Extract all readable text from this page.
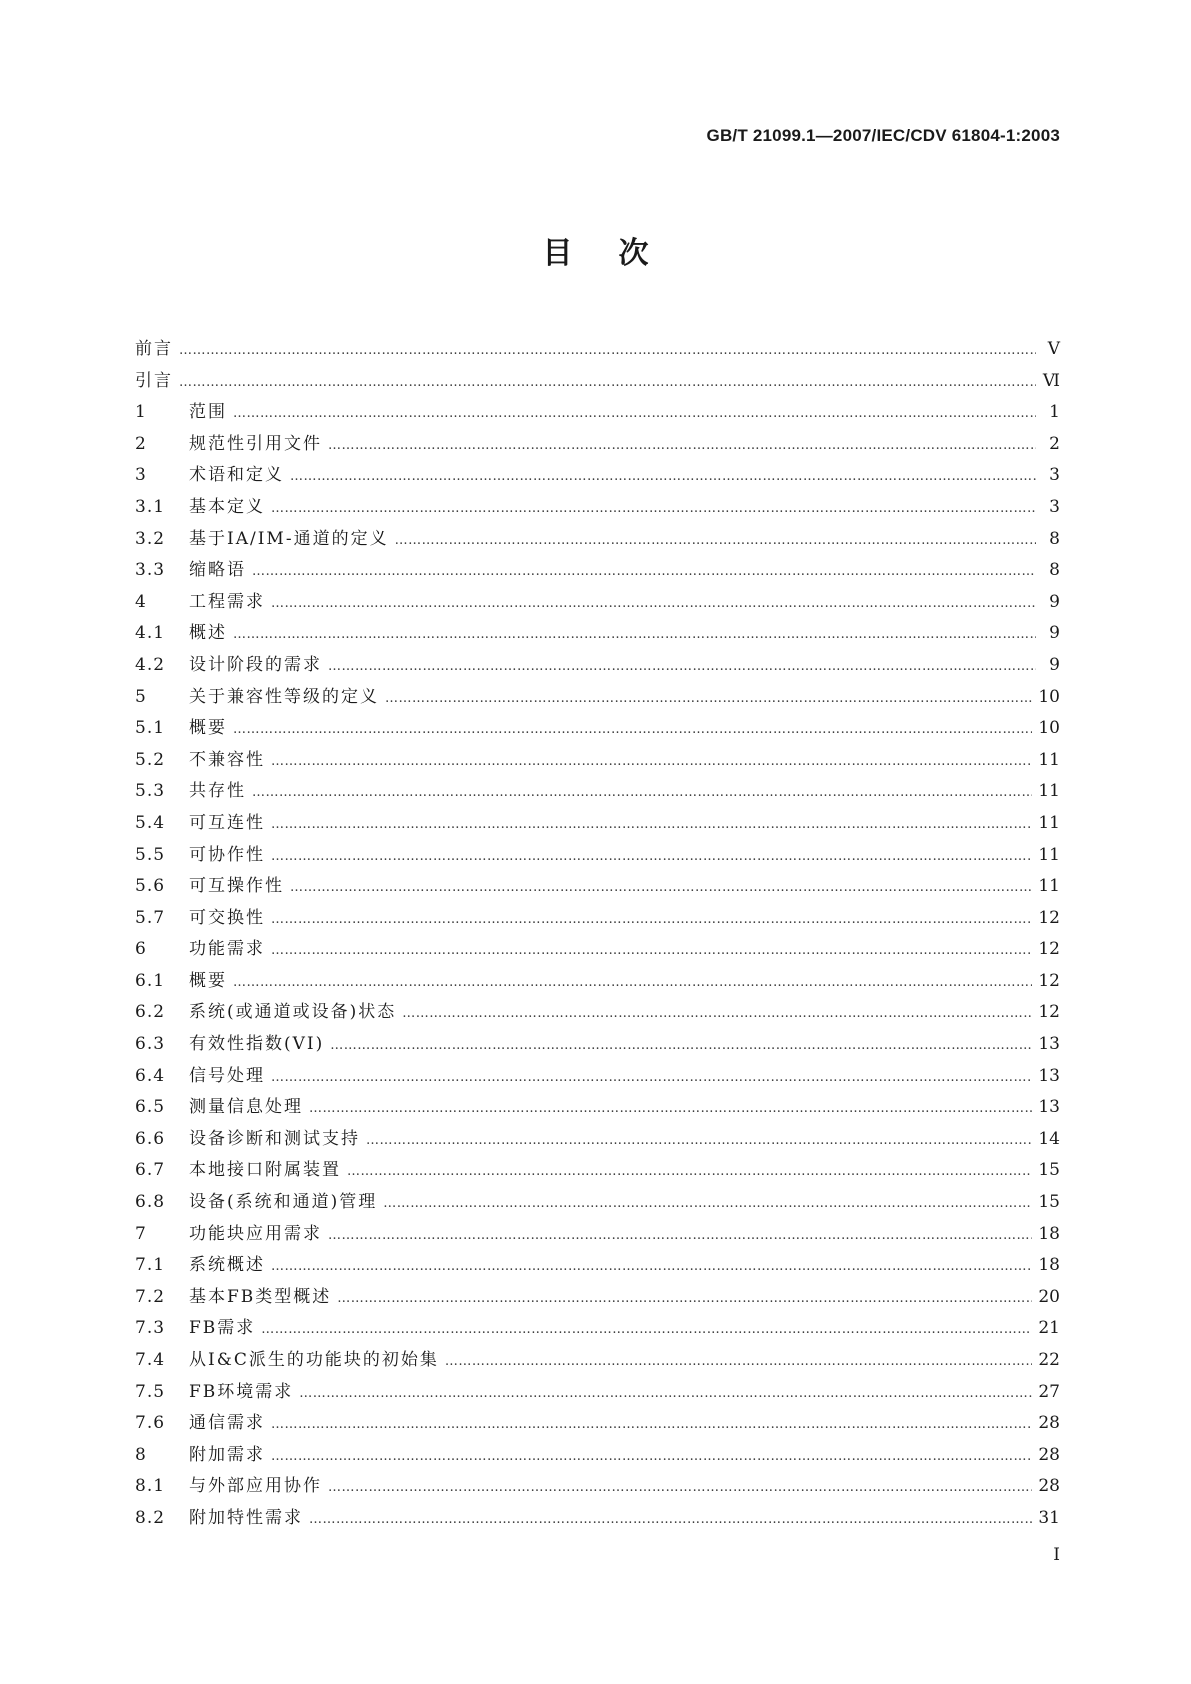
GB/T 21099.1—2007/IEC/CDV 61804-1:2003
目次
前言 …………………………………………………………………………………………………………………………………………………………………………………………	V
引言 …………………………………………………………………………………………………………………………………………………………………………………………	Ⅵ
1	范围 …………………………………………………………………………………………………………………………………………………………………………………………	1
2	规范性引用文件 …………………………………………………………………………………………………………………………………………………………………………………………	2
3	术语和定义 …………………………………………………………………………………………………………………………………………………………………………………………	3
3.1	基本定义 …………………………………………………………………………………………………………………………………………………………………………………………	3
3.2	基于IA/IM-通道的定义 …………………………………………………………………………………………………………………………………………………………………………………………	8
3.3	缩略语 …………………………………………………………………………………………………………………………………………………………………………………………	8
4	工程需求 …………………………………………………………………………………………………………………………………………………………………………………………	9
4.1	概述 …………………………………………………………………………………………………………………………………………………………………………………………	9
4.2	设计阶段的需求 …………………………………………………………………………………………………………………………………………………………………………………………	9
5	关于兼容性等级的定义 …………………………………………………………………………………………………………………………………………………………………………………………	10
5.1	概要 …………………………………………………………………………………………………………………………………………………………………………………………	10
5.2	不兼容性 …………………………………………………………………………………………………………………………………………………………………………………………	11
5.3	共存性 …………………………………………………………………………………………………………………………………………………………………………………………	11
5.4	可互连性 …………………………………………………………………………………………………………………………………………………………………………………………	11
5.5	可协作性 …………………………………………………………………………………………………………………………………………………………………………………………	11
5.6	可互操作性 …………………………………………………………………………………………………………………………………………………………………………………………	11
5.7	可交换性 …………………………………………………………………………………………………………………………………………………………………………………………	12
6	功能需求 …………………………………………………………………………………………………………………………………………………………………………………………	12
6.1	概要 …………………………………………………………………………………………………………………………………………………………………………………………	12
6.2	系统(或通道或设备)状态 …………………………………………………………………………………………………………………………………………………………………………………………	12
6.3	有效性指数(VI) …………………………………………………………………………………………………………………………………………………………………………………………	13
6.4	信号处理 …………………………………………………………………………………………………………………………………………………………………………………………	13
6.5	测量信息处理 …………………………………………………………………………………………………………………………………………………………………………………………	13
6.6	设备诊断和测试支持 …………………………………………………………………………………………………………………………………………………………………………………………	14
6.7	本地接口附属装置 …………………………………………………………………………………………………………………………………………………………………………………………	15
6.8	设备(系统和通道)管理 …………………………………………………………………………………………………………………………………………………………………………………………	15
7	功能块应用需求 …………………………………………………………………………………………………………………………………………………………………………………………	18
7.1	系统概述 …………………………………………………………………………………………………………………………………………………………………………………………	18
7.2	基本FB类型概述 …………………………………………………………………………………………………………………………………………………………………………………………	20
7.3	FB需求 …………………………………………………………………………………………………………………………………………………………………………………………	21
7.4	从I&C派生的功能块的初始集 …………………………………………………………………………………………………………………………………………………………………………………………	22
7.5	FB环境需求 …………………………………………………………………………………………………………………………………………………………………………………………	27
7.6	通信需求 …………………………………………………………………………………………………………………………………………………………………………………………	28
8	附加需求 …………………………………………………………………………………………………………………………………………………………………………………………	28
8.1	与外部应用协作 …………………………………………………………………………………………………………………………………………………………………………………………	28
8.2	附加特性需求 …………………………………………………………………………………………………………………………………………………………………………………………	31
I
